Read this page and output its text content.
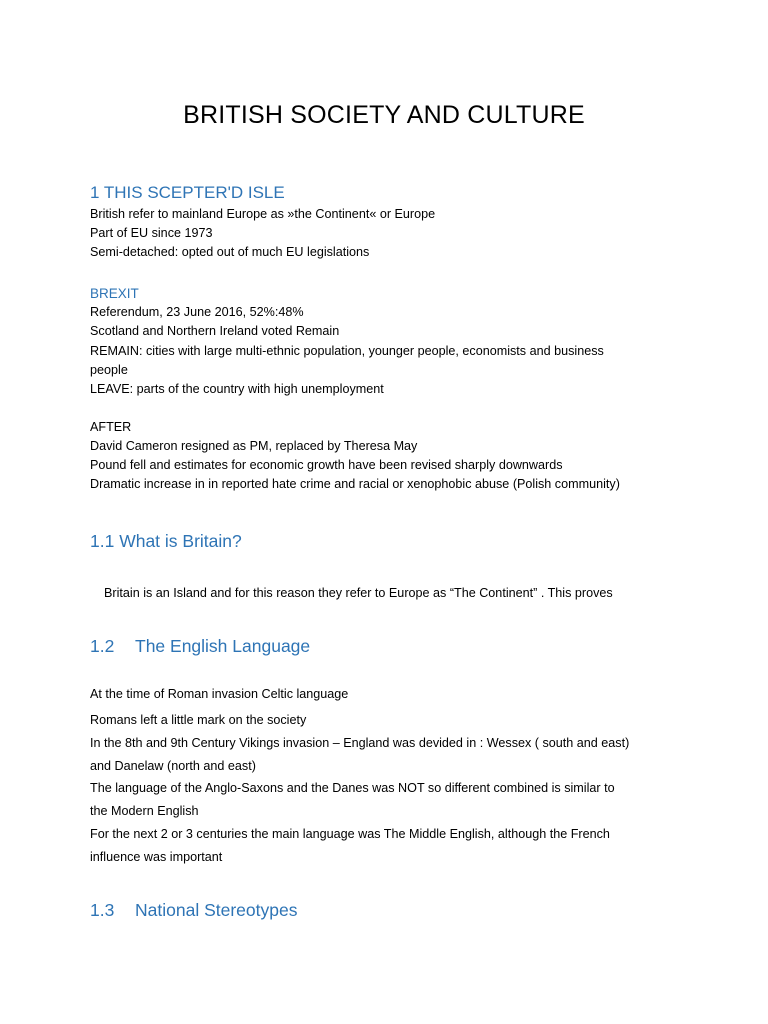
BRITISH SOCIETY AND CULTURE
1 THIS SCEPTER'D ISLE
British refer to mainland Europe as »the Continent« or Europe
Part of EU since 1973
Semi-detached: opted out of much EU legislations
BREXIT
Referendum, 23 June 2016, 52%:48%
Scotland and Northern Ireland voted Remain
REMAIN: cities with large multi-ethnic population, younger people, economists and business
people
LEAVE: parts of the country with high unemployment
AFTER
David Cameron resigned as PM, replaced by Theresa May
Pound fell and estimates for economic growth have been revised sharply downwards
Dramatic increase in in reported hate crime and racial or xenophobic abuse (Polish community)
1.1 What is Britain?
Britain is an Island and for this reason they refer to Europe as “The Continent” . This proves
1.2 The English Language
At the time of Roman invasion Celtic language
Romans left a little mark on the society
In the 8th and 9th Century Vikings invasion – England was devided in : Wessex ( south and east)
and Danelaw (north and east)
The language of the Anglo-Saxons and the Danes was NOT so different combined is similar to
the Modern English
For the next 2 or 3 centuries the main language was The Middle English, although the French
influence was important
1.3 National Stereotypes
